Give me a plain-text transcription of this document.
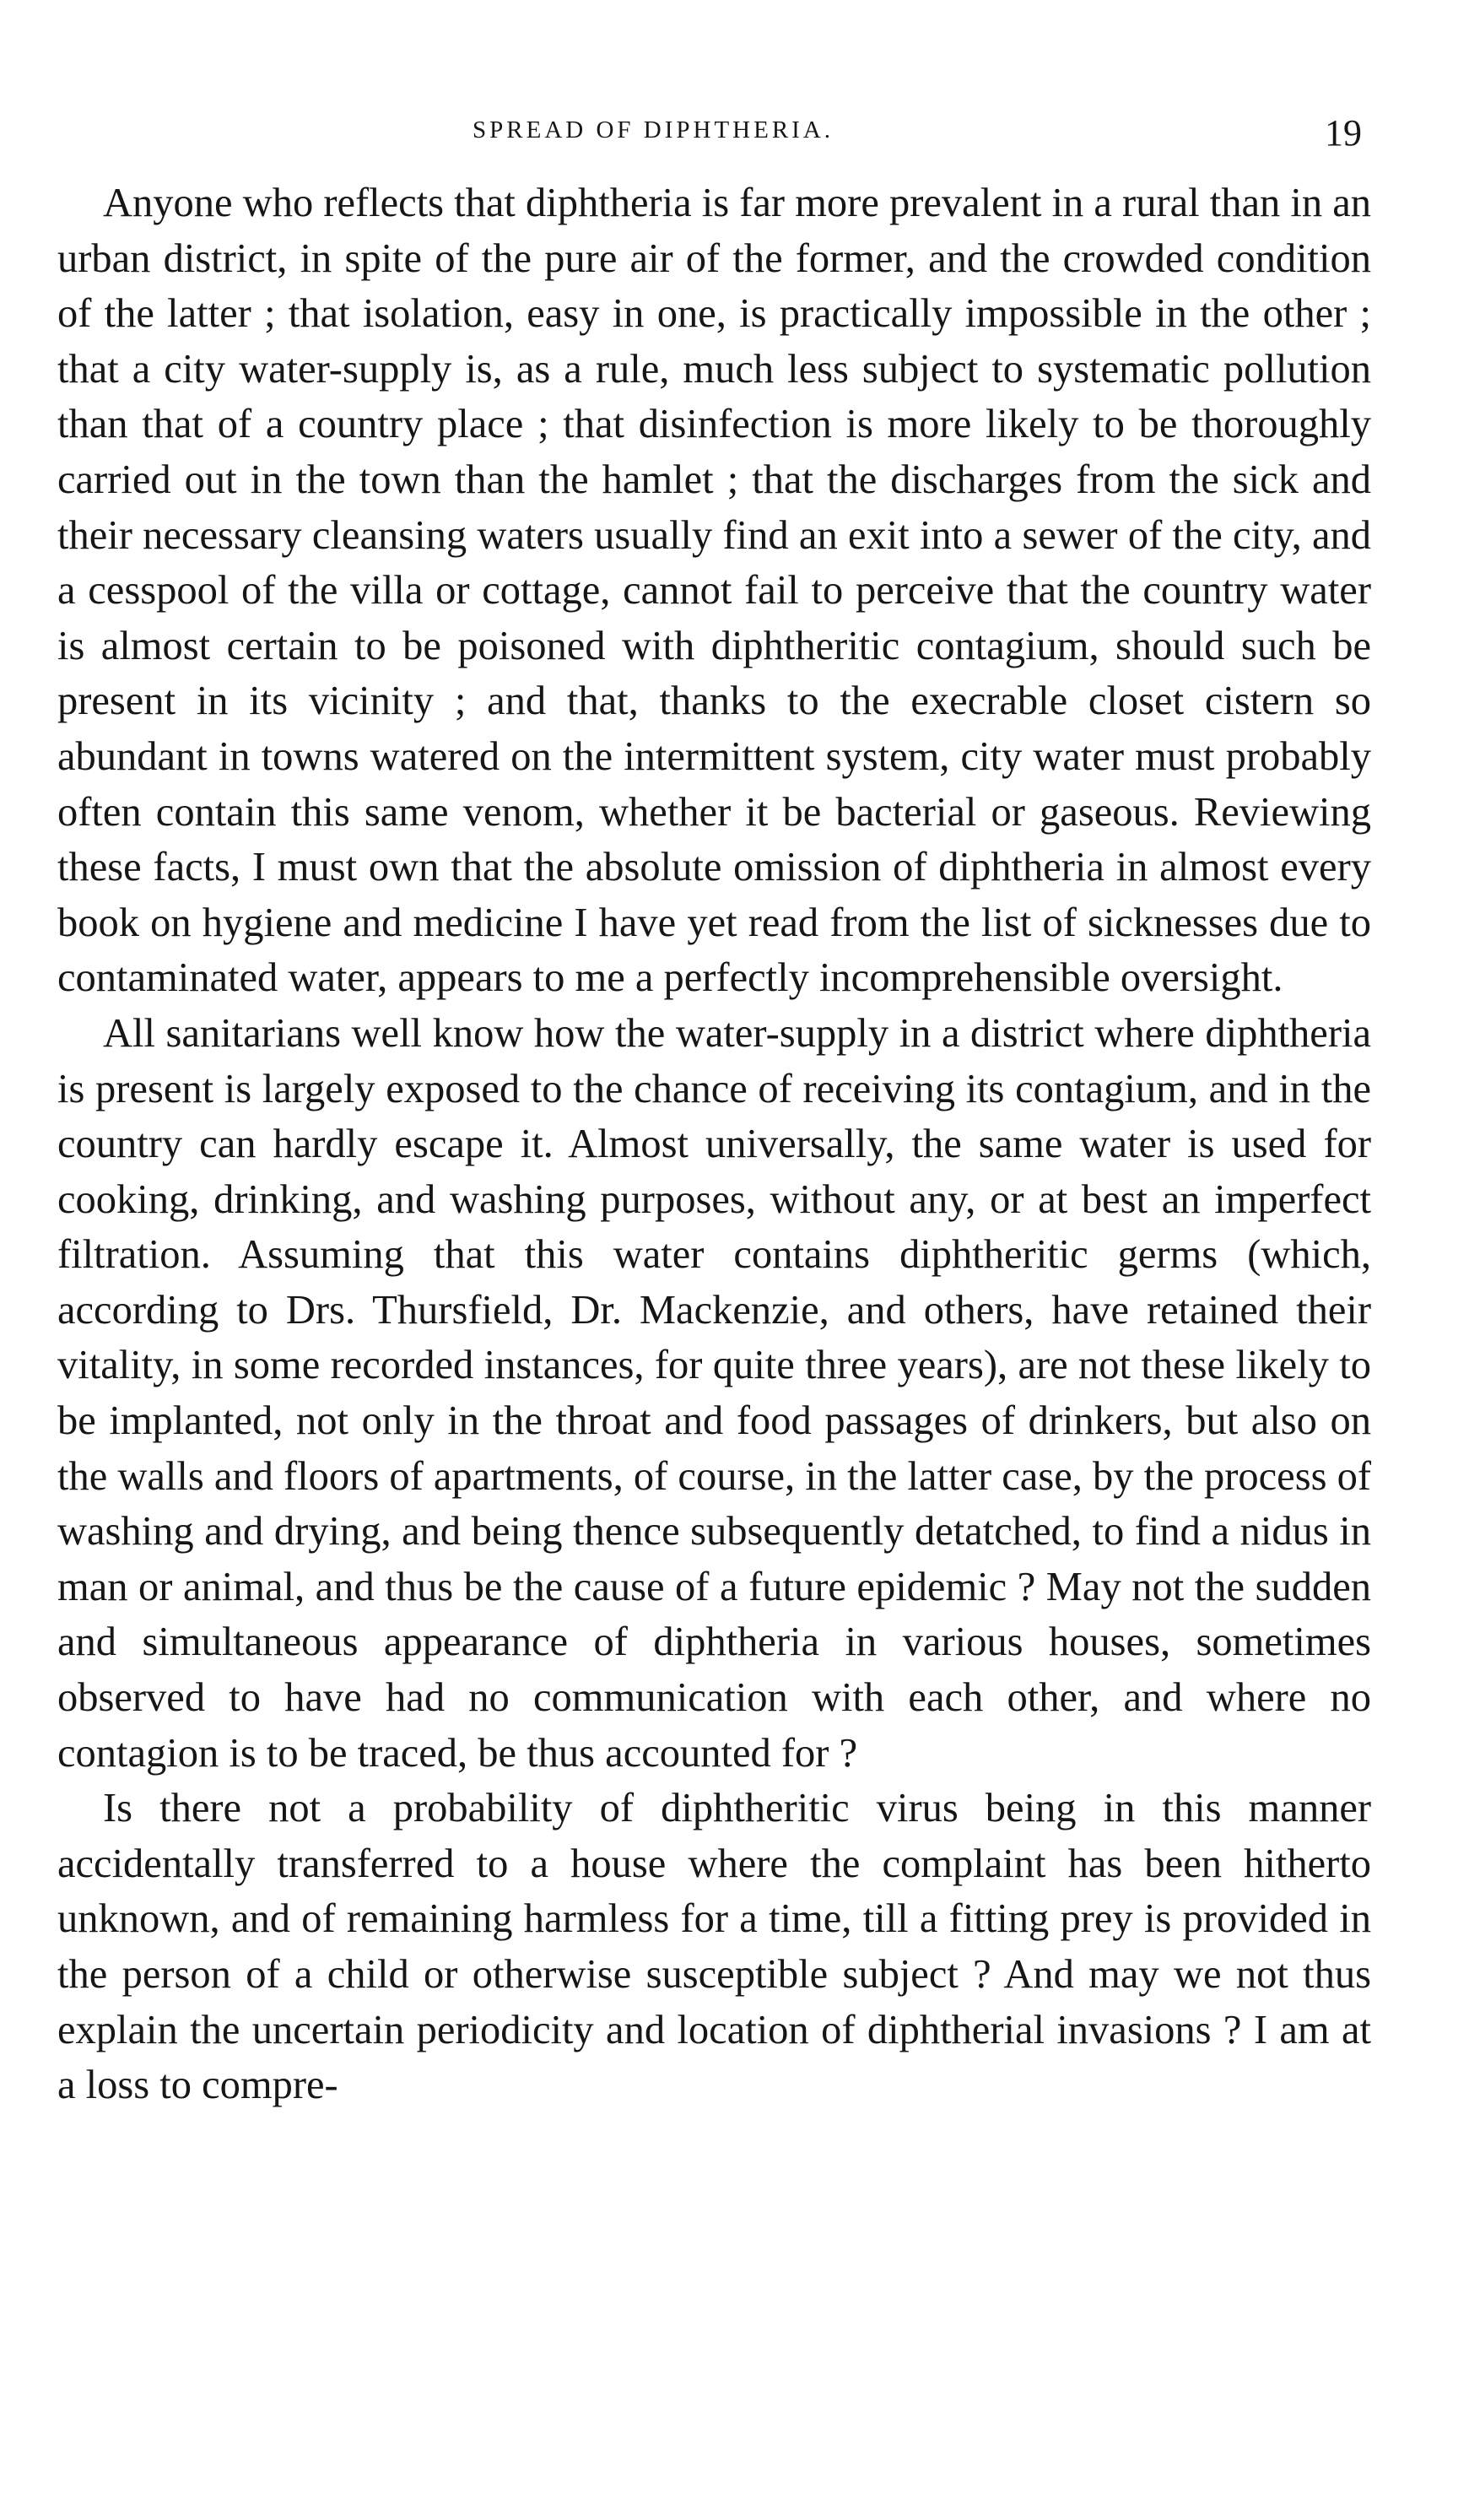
SPREAD OF DIPHTHERIA.	19

Anyone who reflects that diphtheria is far more prevalent in a rural than in an urban district, in spite of the pure air of the former, and the crowded condition of the latter ; that isolation, easy in one, is practically impossible in the other ; that a city water-supply is, as a rule, much less subject to systematic pollution than that of a country place ; that disinfection is more likely to be thoroughly carried out in the town than the hamlet ; that the discharges from the sick and their necessary cleansing waters usually find an exit into a sewer of the city, and a cesspool of the villa or cottage, cannot fail to perceive that the country water is almost certain to be poisoned with diphtheritic contagium, should such be present in its vicinity ; and that, thanks to the execrable closet cistern so abundant in towns watered on the intermittent system, city water must probably often contain this same venom, whether it be bacterial or gaseous. Reviewing these facts, I must own that the absolute omission of diphtheria in almost every book on hygiene and medicine I have yet read from the list of sicknesses due to contaminated water, appears to me a perfectly incomprehensible oversight.

All sanitarians well know how the water-supply in a district where diphtheria is present is largely exposed to the chance of receiving its contagium, and in the country can hardly escape it. Almost universally, the same water is used for cooking, drinking, and washing purposes, without any, or at best an imperfect filtration. Assuming that this water contains diphtheritic germs (which, according to Drs. Thursfield, Dr. Mackenzie, and others, have retained their vitality, in some recorded instances, for quite three years), are not these likely to be implanted, not only in the throat and food passages of drinkers, but also on the walls and floors of apartments, of course, in the latter case, by the process of washing and drying, and being thence subsequently detatched, to find a nidus in man or animal, and thus be the cause of a future epidemic ? May not the sudden and simultaneous appearance of diphtheria in various houses, sometimes observed to have had no communication with each other, and where no contagion is to be traced, be thus accounted for ?

Is there not a probability of diphtheritic virus being in this manner accidentally transferred to a house where the complaint has been hitherto unknown, and of remaining harmless for a time, till a fitting prey is provided in the person of a child or otherwise susceptible subject ? And may we not thus explain the uncertain periodicity and location of diphtherial invasions ? I am at a loss to compre-
